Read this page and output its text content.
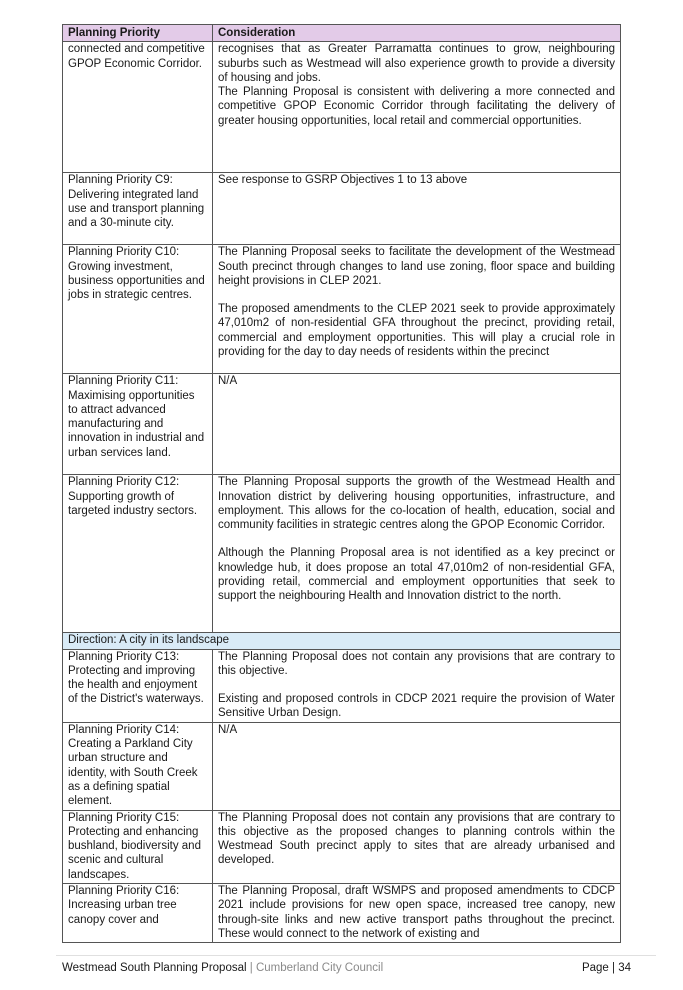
Planning Priority	Consideration
connected and competitive GPOP Economic Corridor.	recognises that as Greater Parramatta continues to grow, neighbouring suburbs such as Westmead will also experience growth to provide a diversity of housing and jobs.

The Planning Proposal is consistent with delivering a more connected and competitive GPOP Economic Corridor through facilitating the delivery of greater housing opportunities, local retail and commercial opportunities.

Planning Priority C9: Delivering integrated land use and transport planning and a 30-minute city.	See response to GSRP Objectives 1 to 13 above

Planning Priority C10: Growing investment, business opportunities and jobs in strategic centres.	The Planning Proposal seeks to facilitate the development of the Westmead South precinct through changes to land use zoning, floor space and building height provisions in CLEP 2021.

The proposed amendments to the CLEP 2021 seek to provide approximately 47,010m2 of non-residential GFA throughout the precinct, providing retail, commercial and employment opportunities. This will play a crucial role in providing for the day to day needs of residents within the precinct

Planning Priority C11: Maximising opportunities to attract advanced manufacturing and innovation in industrial and urban services land.	N/A

Planning Priority C12: Supporting growth of targeted industry sectors.	The Planning Proposal supports the growth of the Westmead Health and Innovation district by delivering housing opportunities, infrastructure, and employment. This allows for the co-location of health, education, social and community facilities in strategic centres along the GPOP Economic Corridor.

Although the Planning Proposal area is not identified as a key precinct or knowledge hub, it does propose an total 47,010m2 of non-residential GFA, providing retail, commercial and employment opportunities that seek to support the neighbouring Health and Innovation district to the north.

Direction: A city in its landscape	
Planning Priority C13: Protecting and improving the health and enjoyment of the District's waterways.	The Planning Proposal does not contain any provisions that are contrary to this objective.

Existing and proposed controls in CDCP 2021 require the provision of Water Sensitive Urban Design.

Planning Priority C14: Creating a Parkland City urban structure and identity, with South Creek as a defining spatial element.	N/A

Planning Priority C15: Protecting and enhancing bushland, biodiversity and scenic and cultural landscapes.	The Planning Proposal does not contain any provisions that are contrary to this objective as the proposed changes to planning controls within the Westmead South precinct apply to sites that are already urbanised and developed.

Planning Priority C16: Increasing urban tree canopy cover and	The Planning Proposal, draft WSMPS and proposed amendments to CDCP 2021 include provisions for new open space, increased tree canopy, new through-site links and new active transport paths throughout the precinct. These would connect to the network of existing and

Westmead South Planning Proposal | Cumberland City Council	Page | 34
